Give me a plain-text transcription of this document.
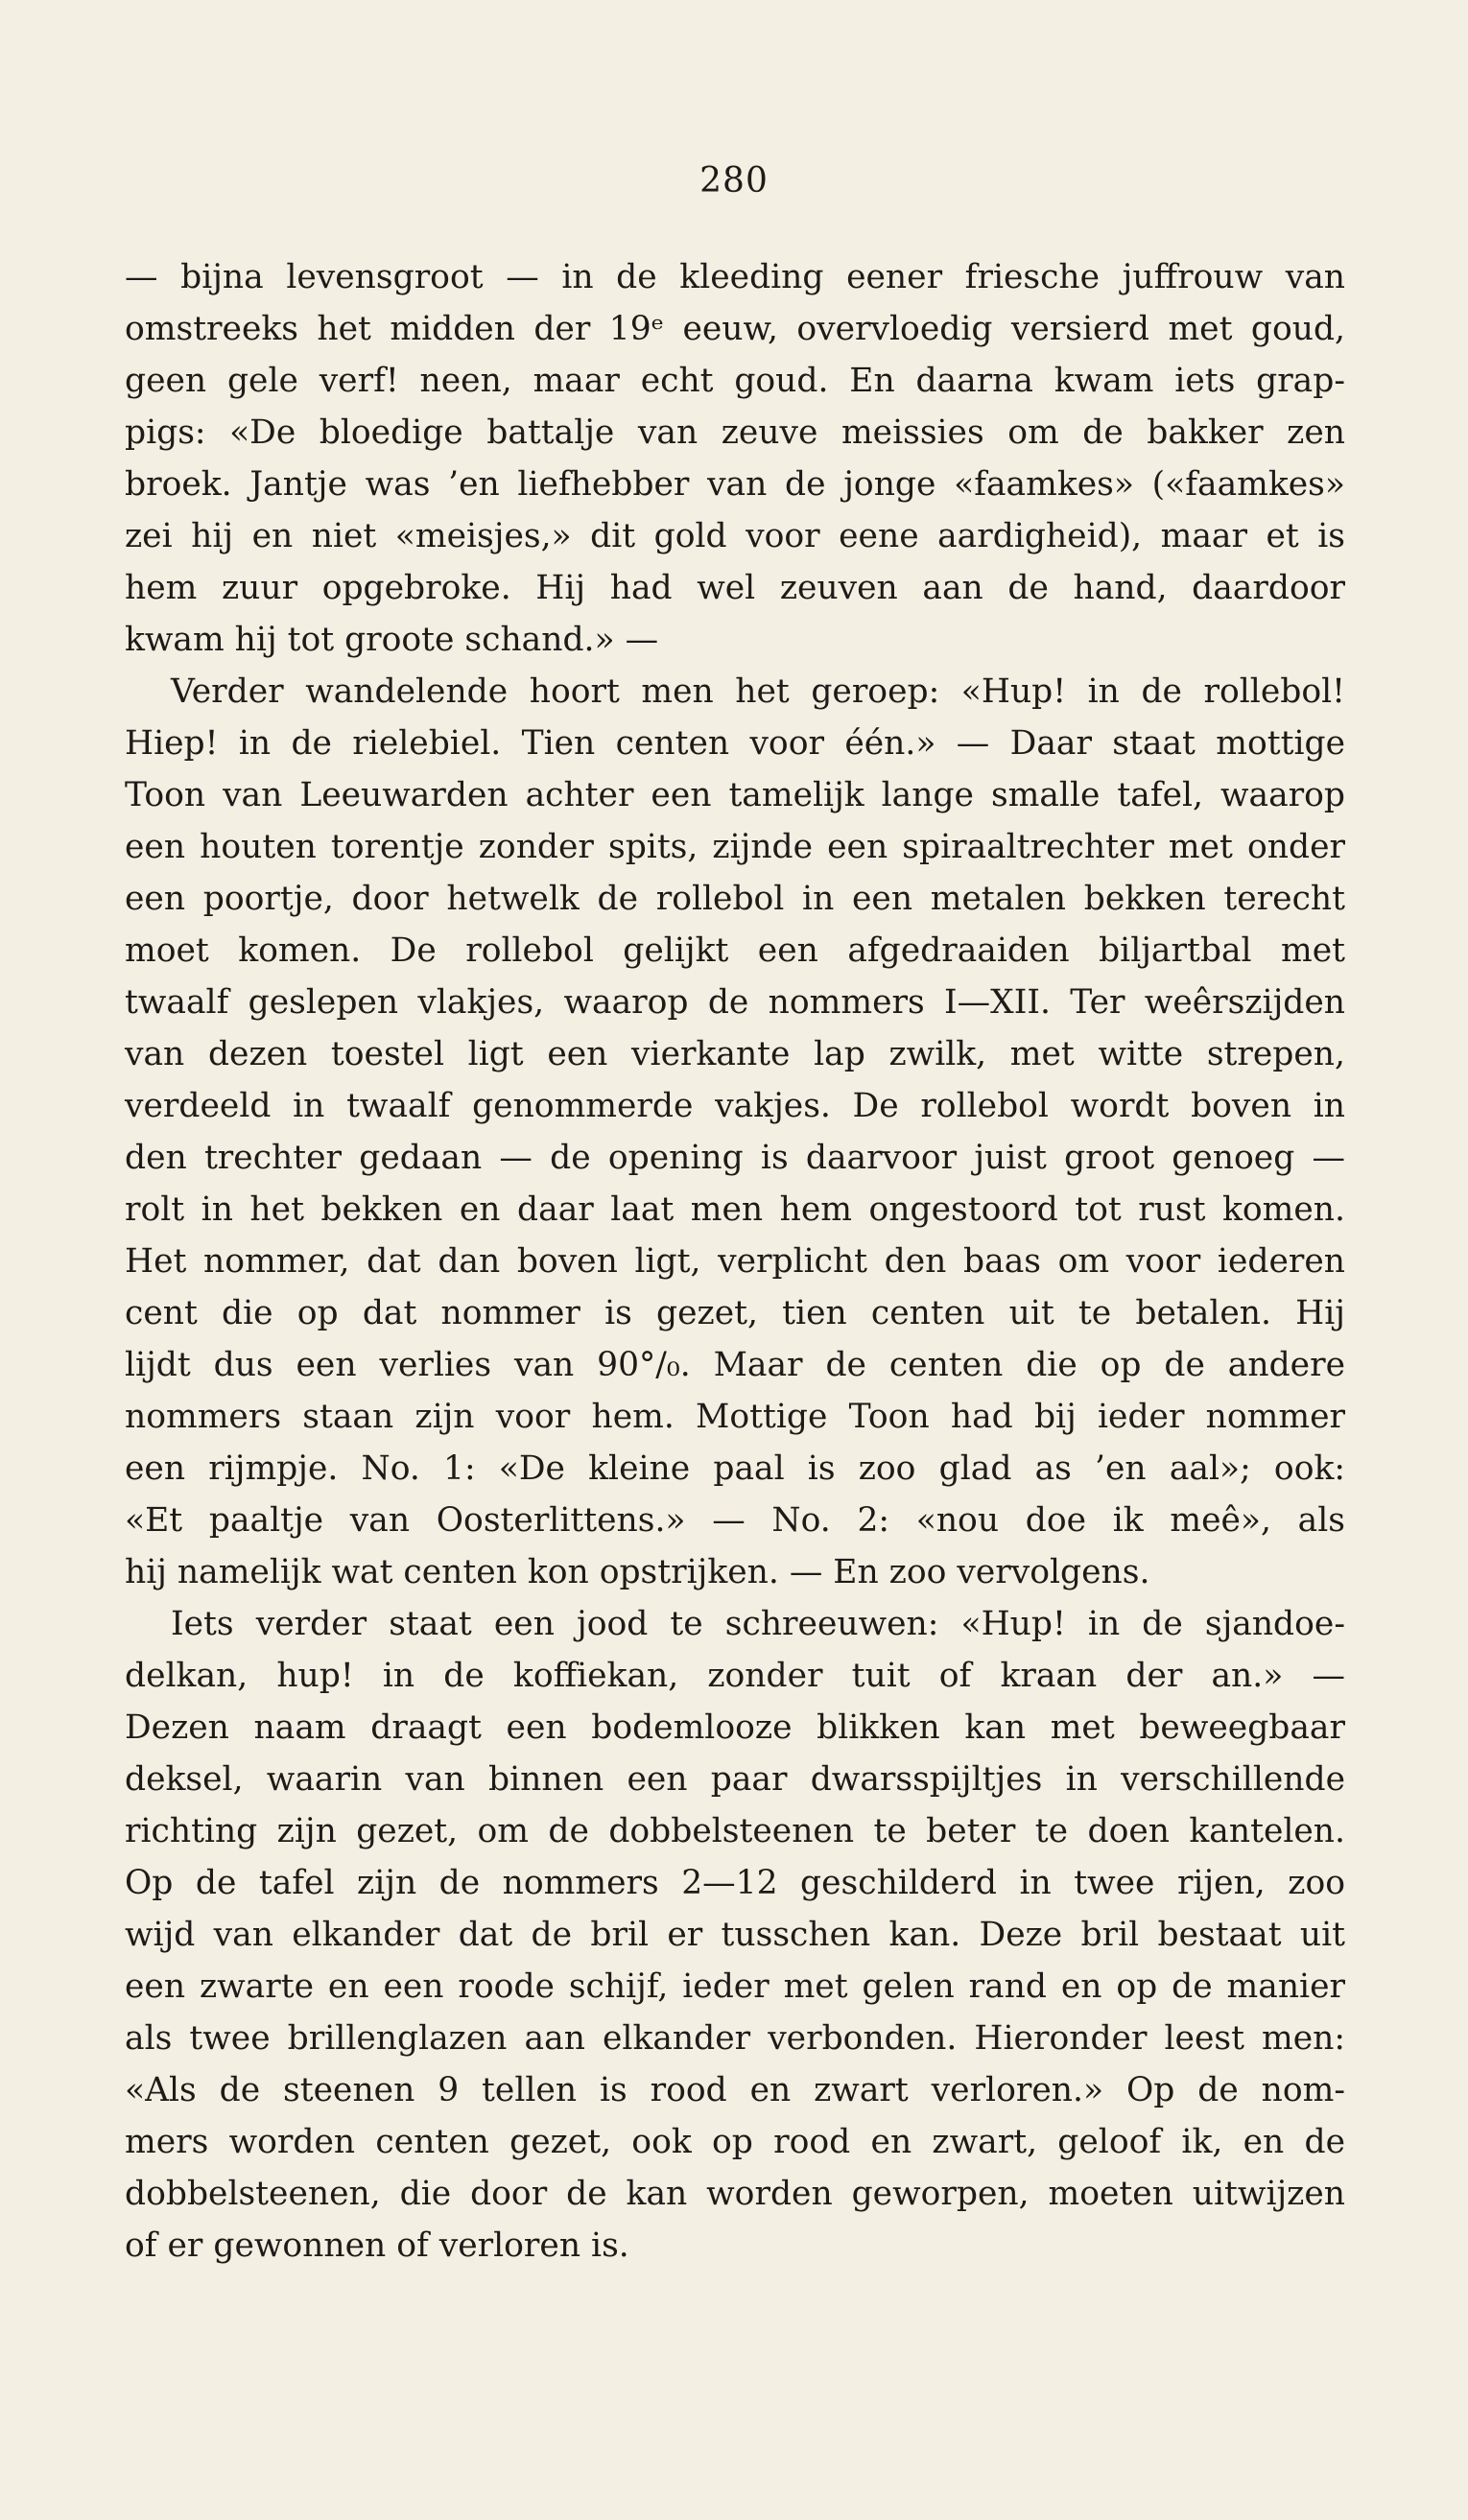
280
— bijna levensgroot — in de kleeding eener friesche juffrouw van
omstreeks het midden der 19ᵉ eeuw, overvloedig versierd met goud,
geen gele verf! neen, maar echt goud. En daarna kwam iets grap-
pigs: «De bloedige battalje van zeuve meissies om de bakker zen
broek. Jantje was ’en liefhebber van de jonge «faamkes» («faamkes»
zei hij en niet «meisjes,» dit gold voor eene aardigheid), maar et is
hem zuur opgebroke. Hij had wel zeuven aan de hand, daardoor
kwam hij tot groote schand.» —
Verder wandelende hoort men het geroep: «Hup! in de rollebol!
Hiep! in de rielebiel. Tien centen voor één.» — Daar staat mottige
Toon van Leeuwarden achter een tamelijk lange smalle tafel, waarop
een houten torentje zonder spits, zijnde een spiraaltrechter met onder
een poortje, door hetwelk de rollebol in een metalen bekken terecht
moet komen. De rollebol gelijkt een afgedraaiden biljartbal met
twaalf geslepen vlakjes, waarop de nommers I—XII. Ter weêrszijden
van dezen toestel ligt een vierkante lap zwilk, met witte strepen,
verdeeld in twaalf genommerde vakjes. De rollebol wordt boven in
den trechter gedaan — de opening is daarvoor juist groot genoeg —
rolt in het bekken en daar laat men hem ongestoord tot rust komen.
Het nommer, dat dan boven ligt, verplicht den baas om voor iederen
cent die op dat nommer is gezet, tien centen uit te betalen. Hij
lijdt dus een verlies van 90°/₀. Maar de centen die op de andere
nommers staan zijn voor hem. Mottige Toon had bij ieder nommer
een rijmpje. No. 1: «De kleine paal is zoo glad as ’en aal»; ook:
«Et paaltje van Oosterlittens.» — No. 2: «nou doe ik meê», als
hij namelijk wat centen kon opstrijken. — En zoo vervolgens.
Iets verder staat een jood te schreeuwen: «Hup! in de sjandoe-
delkan, hup! in de koffiekan, zonder tuit of kraan der an.» —
Dezen naam draagt een bodemlooze blikken kan met beweegbaar
deksel, waarin van binnen een paar dwarsspijltjes in verschillende
richting zijn gezet, om de dobbelsteenen te beter te doen kantelen.
Op de tafel zijn de nommers 2—12 geschilderd in twee rijen, zoo
wijd van elkander dat de bril er tusschen kan. Deze bril bestaat uit
een zwarte en een roode schijf, ieder met gelen rand en op de manier
als twee brillenglazen aan elkander verbonden. Hieronder leest men:
«Als de steenen 9 tellen is rood en zwart verloren.» Op de nom-
mers worden centen gezet, ook op rood en zwart, geloof ik, en de
dobbelsteenen, die door de kan worden geworpen, moeten uitwijzen
of er gewonnen of verloren is.
